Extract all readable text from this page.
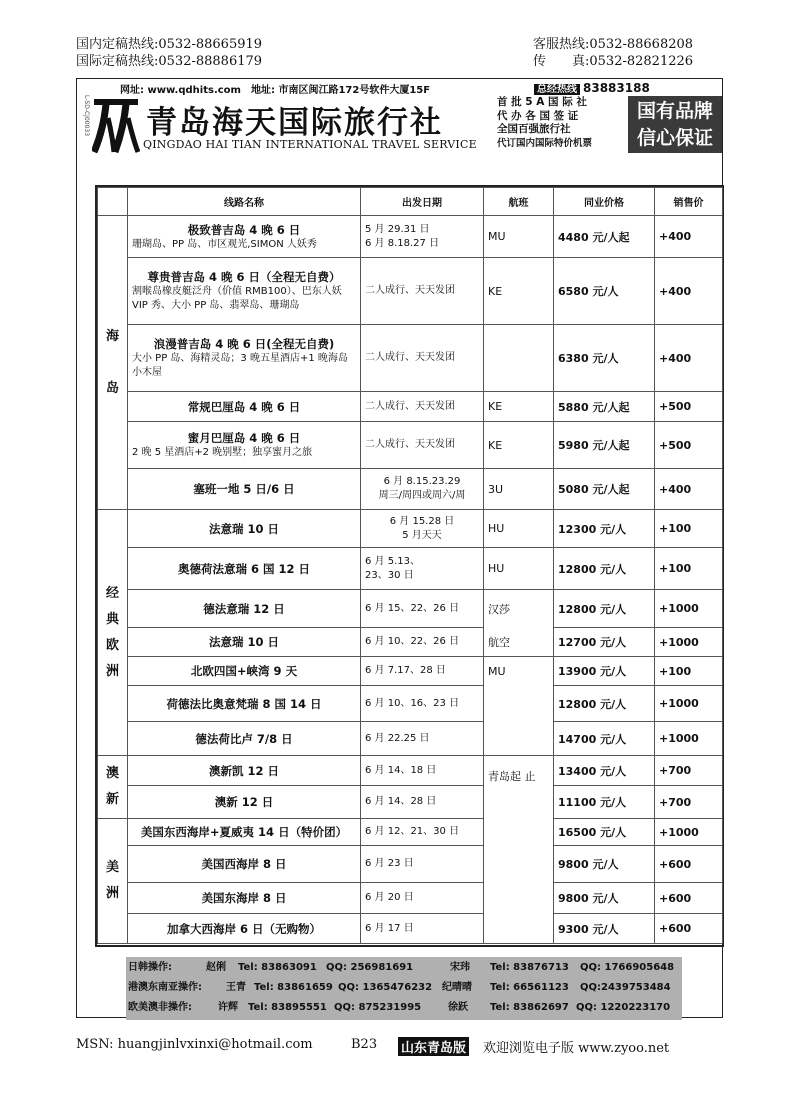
国内定稿热线:0532-88665919
国际定稿热线:0532-88886179
客服热线:0532-88668208
传　　真:0532-82821226
网址: www.qdhits.com 地址: 市南区闽江路172号软件大厦15F	总经热线 83883188
L-SD-CJ00033 青岛海天国际旅行社
QINGDAO HAI TIAN INTERNATIONAL TRAVEL SERVICE
首 批 5 A 国 际 社
代 办 各 国 签 证
全国百强旅行社
代订国内国际特价机票
国有品牌
信心保证
	线路名称	出发日期	航班	同业价格	销售价
海

岛	极致普吉岛 4 晚 6 日
珊瑚岛、PP 岛、市区观光,SIMON 人妖秀	5 月 29.31 日
6 月 8.18.27 日	MU	4480 元/人起	+400

	尊贵普吉岛 4 晚 6 日（全程无自费）
割喉岛橡皮艇泛舟（价值 RMB100）、巴东人妖 VIP 秀、大小 PP 岛、翡翠岛、珊瑚岛	二人成行、天天发团	KE	6580 元/人	+400

	浪漫普吉岛 4 晚 6 日(全程无自费)
大小 PP 岛、海精灵岛；3 晚五星酒店+1 晚海岛小木屋	二人成行、天天发团		6380 元/人	+400

	常规巴厘岛 4 晚 6 日	二人成行、天天发团	KE	5880 元/人起	+500

	蜜月巴厘岛 4 晚 6 日
2 晚 5 星酒店+2 晚别墅；独享蜜月之旅	二人成行、天天发团	KE	5980 元/人起	+500

	塞班一地 5 日/6 日	6 月 8.15.23.29
周三/周四或周六/周	3U	5080 元/人起	+400
经
典
欧
洲	法意瑞 10 日	6 月 15.28 日
5 月天天	HU	12300 元/人	+100

	奥德荷法意瑞 6 国 12 日	6 月 5.13、
23、30 日	HU	12800 元/人	+100

	德法意瑞 12 日	6 月 15、22、26 日	汉莎	12800 元/人	+1000

	法意瑞 10 日	6 月 10、22、26 日	航空	12700 元/人	+1000

	北欧四国+峡湾 9 天	6 月 7.17、28 日	MU	13900 元/人	+100

	荷德法比奥意梵瑞 8 国 14 日	6 月 10、16、23 日		12800 元/人	+1000

	德法荷比卢 7/8 日	6 月 22.25 日		14700 元/人	+1000
澳
新	澳新凯 12 日	6 月 14、18 日	青岛起 止	13400 元/人	+700

	澳新 12 日	6 月 14、28 日		11100 元/人	+700
美
洲	美国东西海岸+夏威夷 14 日（特价团）	6 月 12、21、30 日		16500 元/人	+1000

	美国西海岸 8 日	6 月 23 日		9800 元/人	+600

	美国东海岸 8 日	6 月 20 日		9800 元/人	+600

	加拿大西海岸 6 日（无购物）	6 月 17 日		9300 元/人	+600
日韩操作:	赵俐 Tel: 83863091 QQ: 256981691	宋玮 Tel: 83876713 QQ: 1766905648
港澳东南亚操作: 王青 Tel: 83861659 QQ: 1365476232 纪晴晴 Tel: 66561123 QQ:2439753484
欧美澳非操作:	许辉 Tel: 83895551 QQ: 875231995	徐跃 Tel: 83862697 QQ: 1220223170
MSN: huangjinlvxinxi@hotmail.com	B23 山东青岛版 欢迎浏览电子版 www.zyoo.net
